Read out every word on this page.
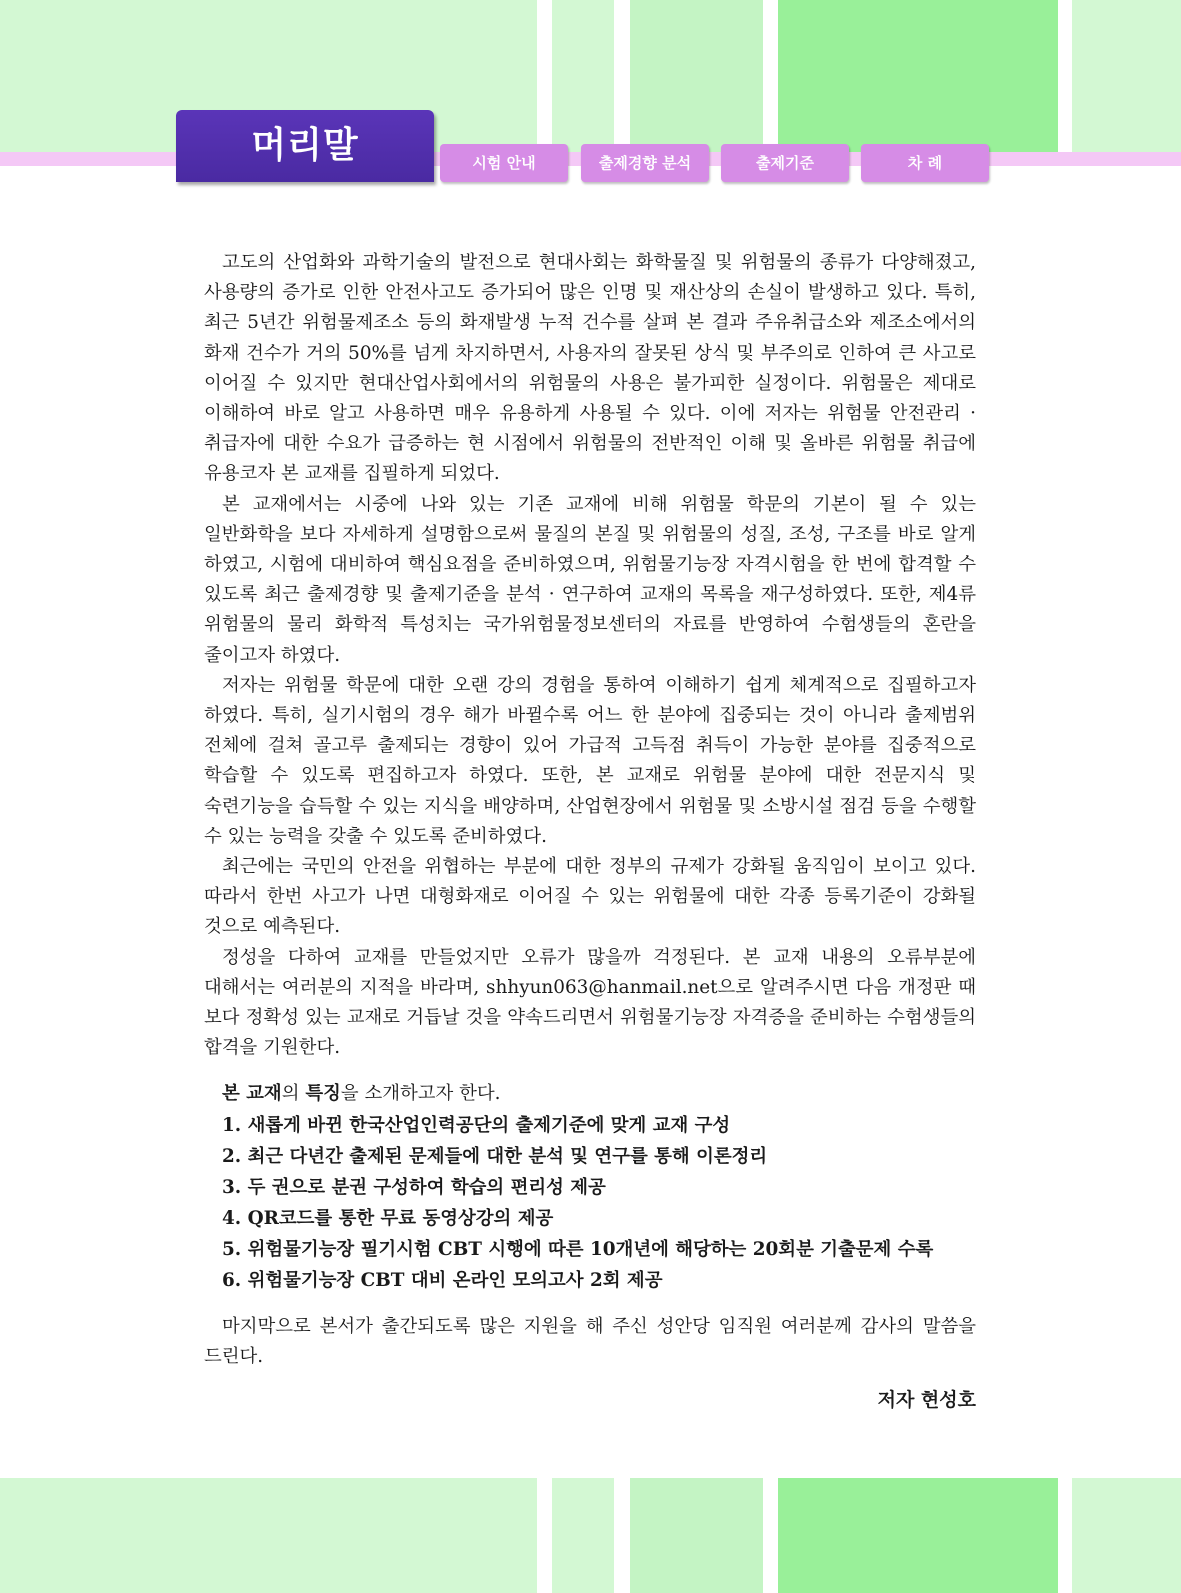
머리말	시험 안내	출제경향 분석	출제기준	차 례

고도의 산업화와 과학기술의 발전으로 현대사회는 화학물질 및 위험물의 종류가 다양해졌고, 사용량의 증가로 인한 안전사고도 증가되어 많은 인명 및 재산상의 손실이 발생하고 있다. 특히, 최근 5년간 위험물제조소 등의 화재발생 누적 건수를 살펴 본 결과 주유취급소와 제조소에서의 화재 건수가 거의 50%를 넘게 차지하면서, 사용자의 잘못된 상식 및 부주의로 인하여 큰 사고로 이어질 수 있지만 현대산업사회에서의 위험물의 사용은 불가피한 실정이다. 위험물은 제대로 이해하여 바로 알고 사용하면 매우 유용하게 사용될 수 있다. 이에 저자는 위험물 안전관리 · 취급자에 대한 수요가 급증하는 현 시점에서 위험물의 전반적인 이해 및 올바른 위험물 취급에 유용코자 본 교재를 집필하게 되었다.

본 교재에서는 시중에 나와 있는 기존 교재에 비해 위험물 학문의 기본이 될 수 있는 일반화학을 보다 자세하게 설명함으로써 물질의 본질 및 위험물의 성질, 조성, 구조를 바로 알게 하였고, 시험에 대비하여 핵심요점을 준비하였으며, 위험물기능장 자격시험을 한 번에 합격할 수 있도록 최근 출제경향 및 출제기준을 분석 · 연구하여 교재의 목록을 재구성하였다. 또한, 제4류 위험물의 물리 화학적 특성치는 국가위험물정보센터의 자료를 반영하여 수험생들의 혼란을 줄이고자 하였다.

저자는 위험물 학문에 대한 오랜 강의 경험을 통하여 이해하기 쉽게 체계적으로 집필하고자 하였다. 특히, 실기시험의 경우 해가 바뀔수록 어느 한 분야에 집중되는 것이 아니라 출제범위 전체에 걸쳐 골고루 출제되는 경향이 있어 가급적 고득점 취득이 가능한 분야를 집중적으로 학습할 수 있도록 편집하고자 하였다. 또한, 본 교재로 위험물 분야에 대한 전문지식 및 숙련기능을 습득할 수 있는 지식을 배양하며, 산업현장에서 위험물 및 소방시설 점검 등을 수행할 수 있는 능력을 갖출 수 있도록 준비하였다.

최근에는 국민의 안전을 위협하는 부분에 대한 정부의 규제가 강화될 움직임이 보이고 있다. 따라서 한번 사고가 나면 대형화재로 이어질 수 있는 위험물에 대한 각종 등록기준이 강화될 것으로 예측된다.

정성을 다하여 교재를 만들었지만 오류가 많을까 걱정된다. 본 교재 내용의 오류부분에 대해서는 여러분의 지적을 바라며, shhyun063@hanmail.net으로 알려주시면 다음 개정판 때 보다 정확성 있는 교재로 거듭날 것을 약속드리면서 위험물기능장 자격증을 준비하는 수험생들의 합격을 기원한다.

본 교재의 특징을 소개하고자 한다.

1. 새롭게 바뀐 한국산업인력공단의 출제기준에 맞게 교재 구성
2. 최근 다년간 출제된 문제들에 대한 분석 및 연구를 통해 이론정리
3. 두 권으로 분권 구성하여 학습의 편리성 제공
4. QR코드를 통한 무료 동영상강의 제공
5. 위험물기능장 필기시험 CBT 시행에 따른 10개년에 해당하는 20회분 기출문제 수록
6. 위험물기능장 CBT 대비 온라인 모의고사 2회 제공

마지막으로 본서가 출간되도록 많은 지원을 해 주신 성안당 임직원 여러분께 감사의 말씀을 드린다.

저자 현성호
